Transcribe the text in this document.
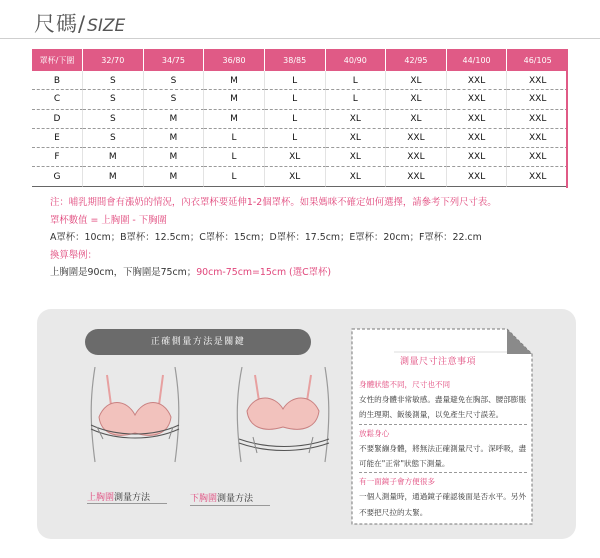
尺碼/ SIZE
罩杯/下圍	32/70	34/75	36/80	38/85	40/90	42/95	44/100	46/105
B	S	S	M	L	L	XL	XXL	XXL
C	S	S	M	L	L	XL	XXL	XXL
D	S	M	M	L	XL	XL	XXL	XXL
E	S	M	L	L	XL	XXL	XXL	XXL
F	M	M	L	XL	XL	XXL	XXL	XXL
G	M	M	L	XL	XL	XXL	XXL	XXL
注：哺乳期間會有漲奶的情況，內衣罩杯要延伸1-2個罩杯。如果媽咪不確定如何選擇，請參考下列尺寸表。
罩杯數值 = 上胸圍 - 下胸圍
A罩杯：10cm；B罩杯：12.5cm；C罩杯：15cm；D罩杯：17.5cm；E罩杯：20cm；F罩杯：22.cm
換算舉例：
上胸圍是90cm，下胸圍是75cm；90cm-75cm=15cm (選C罩杯)
正確側量方法是關鍵
上胸圍測量方法	下胸圍測量方法
測量尺寸注意事項
身體狀態不同，尺寸也不同
女性的身體非常敏感。盡量避免在胸部、腰部膨脹的生理期、飯後測量，以免產生尺寸誤差。
放鬆身心
不要緊繃身體，將無法正確測量尺寸。深呼吸，盡可能在"正常"狀態下測量。
有一面鏡子會方便很多
一個人測量時，通過鏡子確認後面是否水平。另外不要把尺拉的太緊。
